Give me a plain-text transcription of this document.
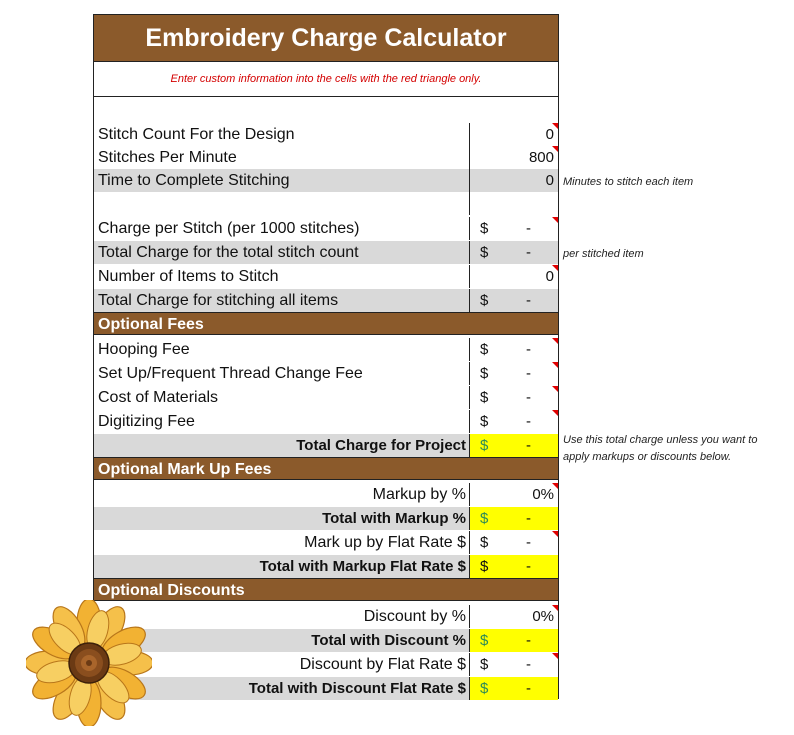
Embroidery Charge Calculator
Enter custom information into the cells with the red triangle only.
Stitch Count For the Design	0
Stitches Per Minute	800
Time to Complete Stitching	0
Charge per Stitch (per 1000 stitches)	$	-
Total Charge for the total stitch count	$	-
Number of Items to Stitch	0
Total Charge for stitching all items	$	-
Optional Fees
Hooping Fee	$	-
Set Up/Frequent Thread Change Fee	$	-
Cost of Materials	$	-
Digitizing Fee	$	-
Total Charge for Project $	-
Optional Mark Up Fees
Markup by %	0%
Total with Markup % $	-
Mark up by Flat Rate $ $	-
Total with Markup Flat Rate $ $	-
Optional Discounts
Discount by %	0%
Total with Discount % $	-
Discount by Flat Rate $ $	-
Total with Discount Flat Rate $ $	-
Minutes to stitch each item
per stitched item
Use this total charge unless you want to
apply markups or discounts below.
